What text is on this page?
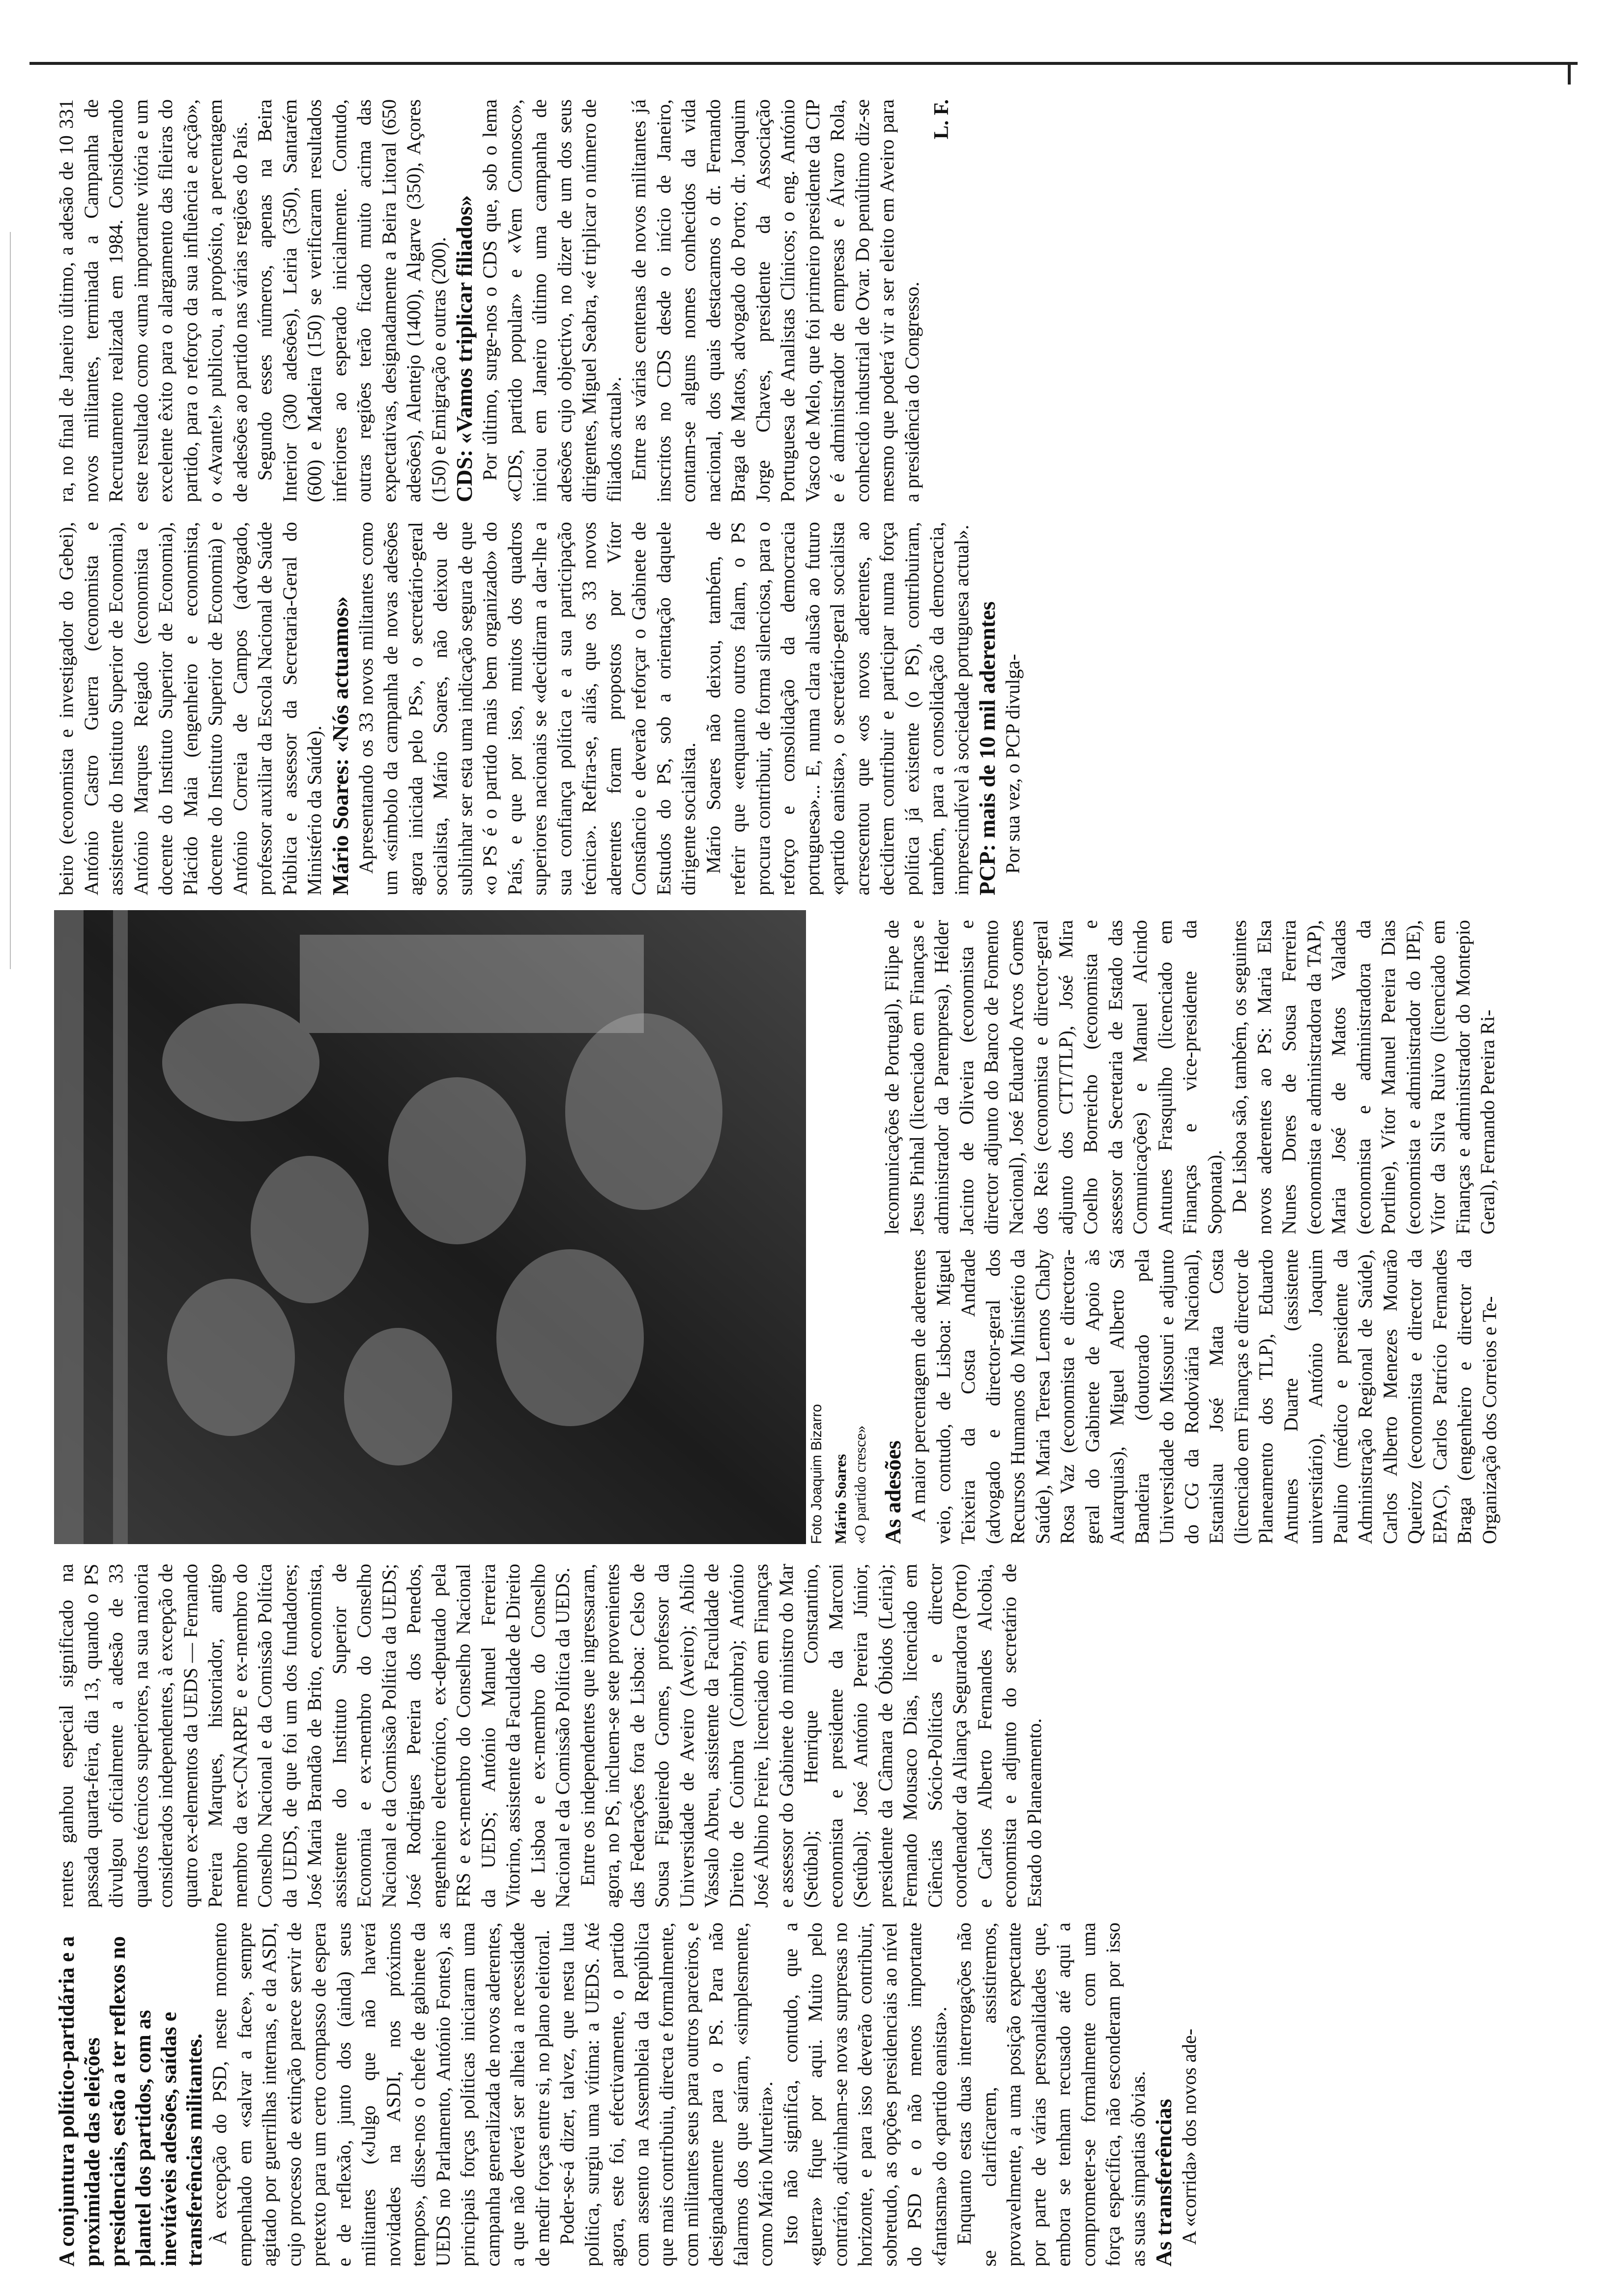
A conjuntura político-partidária e a proximidade das eleições presidenciais, estão a ter reflexos no plantel dos partidos, com as inevitáveis adesões, saídas e transferências militantes. À excepção do PSD, neste momento empenhado em «salvar a face», sempre agitado por guerrilhas internas, e da ASDI, cujo processo de extinção parece servir de pretexto para um certo compasso de espera e de reflexão, junto dos (ainda) seus militantes («Julgo que não haverá novidades na ASDI, nos próximos tempos», disse-nos o chefe de gabinete da UEDS no Parlamento, António Fontes), as principais forças políticas iniciaram uma campanha generalizada de novos aderentes, a que não deverá ser alheia a necessidade de medir forças entre si, no plano eleitoral. Poder-se-á dizer, talvez, que nesta luta política, surgiu uma vítima: a UEDS. Até agora, este foi, efectivamente, o partido com assento na Assembleia da República que mais contribuiu, directa e formalmente, com militantes seus para outros parceiros, e designadamente para o PS. Para não falarmos dos que saíram, «simplesmente, como Mário Murteira». Isto não significa, contudo, que a «guerra» fique por aqui. Muito pelo contrário, adivinham-se novas surpresas no horizonte, e para isso deverão contribuir, sobretudo, as opções presidenciais ao nível do PSD e o não menos importante «fantasma» do «partido eanista». Enquanto estas duas interrogações não se clarificarem, assistiremos, provavelmente, a uma posição expectante por parte de várias personalidades que, embora se tenham recusado até aqui a comprometer-se formalmente com uma força específica, não esconderam por isso as suas simpatias óbvias. As transferências A «corrida» dos novos ade-

rentes ganhou especial significado na passada quarta-feira, dia 13, quando o PS divulgou oficialmente a adesão de 33 quadros técnicos superiores, na sua maioria considerados independentes, à excepção de quatro ex-elementos da UEDS — Fernando Pereira Marques, historiador, antigo membro da ex-CNARPE e ex-membro do Conselho Nacional e da Comissão Política da UEDS, de que foi um dos fundadores; José Maria Brandão de Brito, economista, assistente do Instituto Superior de Economia e ex-membro do Conselho Nacional e da Comissão Política da UEDS; José Rodrigues Pereira dos Penedos, engenheiro electrónico, ex-deputado pela FRS e ex-membro do Conselho Nacional da UEDS; António Manuel Ferreira Vitorino, assistente da Faculdade de Direito de Lisboa e ex-membro do Conselho Nacional e da Comissão Política da UEDS. Entre os independentes que ingressaram, agora, no PS, incluem-se sete provenientes das Federações fora de Lisboa: Celso de Sousa Figueiredo Gomes, professor da Universidade de Aveiro (Aveiro); Abílio Vassalo Abreu, assistente da Faculdade de Direito de Coimbra (Coimbra); António José Albino Freire, licenciado em Finanças e assessor do Gabinete do ministro do Mar (Setúbal); Henrique Constantino, economista e presidente da Marconi (Setúbal); José António Pereira Júnior, presidente da Câmara de Óbidos (Leiria); Fernando Mousaco Dias, licenciado em Ciências Sócio-Políticas e director coordenador da Aliança Seguradora (Porto) e Carlos Alberto Fernandes Alcobia, economista e adjunto do secretário de Estado do Planeamento.

Foto Joaquim Bizarro Mário Soares «O partido cresce» As adesões A maior percentagem de aderentes veio, contudo, de Lisboa: Miguel Teixeira da Costa Andrade (advogado e director-geral dos Recursos Humanos do Ministério da Saúde), Maria Teresa Lemos Chaby Rosa Vaz (economista e directora-geral do Gabinete de Apoio às Autarquias), Miguel Alberto Sá Bandeira (doutorado pela Universidade do Missouri e adjunto do CG da Rodoviária Nacional), Estanislau José Mata Costa (licenciado em Finanças e director de Planeamento dos TLP), Eduardo Antunes Duarte (assistente universitário), António Joaquim Paulino (médico e presidente da Administração Regional de Saúde), Carlos Alberto Menezes Mourão Queiroz (economista e director da EPAC), Carlos Patrício Fernandes Braga (engenheiro e director da Organização dos Correios e Te-

lecomunicações de Portugal), Filipe de Jesus Pinhal (licenciado em Finanças e administrador da Parempresa), Hélder Jacinto de Oliveira (economista e director adjunto do Banco de Fomento Nacional), José Eduardo Arcos Gomes dos Reis (economista e director-geral adjunto dos CTT/TLP), José Mira Coelho Borreicho (economista e assessor da Secretaria de Estado das Comunicações) e Manuel Alcindo Antunes Frasquilho (licenciado em Finanças e vice-presidente da Soponata). De Lisboa são, também, os seguintes novos aderentes ao PS: Maria Elsa Nunes Dores de Sousa Ferreira (economista e administradora da TAP), Maria José de Matos Valadas (economista e administradora da Portline), Vítor Manuel Pereira Dias (economista e administrador do IPE), Vítor da Silva Ruivo (licenciado em Finanças e administrador do Montepio Geral), Fernando Pereira Ri-

beiro (economista e investigador do Gebei), António Castro Guerra (economista e assistente do Instituto Superior de Economia), António Marques Reigado (economista e docente do Instituto Superior de Economia), Plácido Maia (engenheiro e economista, docente do Instituto Superior de Economia) e António Correia de Campos (advogado, professor auxiliar da Escola Nacional de Saúde Pública e assessor da Secretaria-Geral do Ministério da Saúde). Mário Soares: «Nós actuamos» Apresentando os 33 novos militantes como um «símbolo da campanha de novas adesões agora iniciada pelo PS», o secretário-geral socialista, Mário Soares, não deixou de sublinhar ser esta uma indicação segura de que «o PS é o partido mais bem organizado» do País, e que por isso, muitos dos quadros superiores nacionais se «decidiram a dar-lhe a sua confiança política e a sua participação técnica». Refira-se, aliás, que os 33 novos aderentes foram propostos por Vítor Constâncio e deverão reforçar o Gabinete de Estudos do PS, sob a orientação daquele dirigente socialista. Mário Soares não deixou, também, de referir que «enquanto outros falam, o PS procura contribuir, de forma silenciosa, para o reforço e consolidação da democracia portuguesa»... E, numa clara alusão ao futuro «partido eanista», o secretário-geral socialista acrescentou que «os novos aderentes, ao decidirem contribuir e participar numa força política já existente (o PS), contribuiram, também, para a consolidação da democracia, imprescindível à sociedade portuguesa actual». PCP: mais de 10 mil aderentes Por sua vez, o PCP divulga-

ra, no final de Janeiro último, a adesão de 10 331 novos militantes, terminada a Campanha de Recrutamento realizada em 1984. Considerando este resultado como «uma importante vitória e um excelente êxito para o alargamento das fileiras do partido, para o reforço da sua influência e acção», o «Avante!» publicou, a propósito, a percentagem de adesões ao partido nas várias regiões do País. Segundo esses números, apenas na Beira Interior (300 adesões), Leiria (350), Santarém (600) e Madeira (150) se verificaram resultados inferiores ao esperado inicialmente. Contudo, outras regiões terão ficado muito acima das expectativas, designadamente a Beira Litoral (650 adesões), Alentejo (1400), Algarve (350), Açores (150) e Emigração e outras (200). CDS: «Vamos triplicar filiados» Por último, surge-nos o CDS que, sob o lema «CDS, partido popular» e «Vem Connosco», iniciou em Janeiro último uma campanha de adesões cujo objectivo, no dizer de um dos seus dirigentes, Miguel Seabra, «é triplicar o número de filiados actual». Entre as várias centenas de novos militantes já inscritos no CDS desde o início de Janeiro, contam-se alguns nomes conhecidos da vida nacional, dos quais destacamos o dr. Fernando Braga de Matos, advogado do Porto; dr. Joaquim Jorge Chaves, presidente da Associação Portuguesa de Analistas Clínicos; o eng. António Vasco de Melo, que foi primeiro presidente da CIP e é administrador de empresas e Álvaro Rola, conhecido industrial de Ovar. Do penúltimo diz-se mesmo que poderá vir a ser eleito em Aveiro para a presidência do Congresso.

L. F.
